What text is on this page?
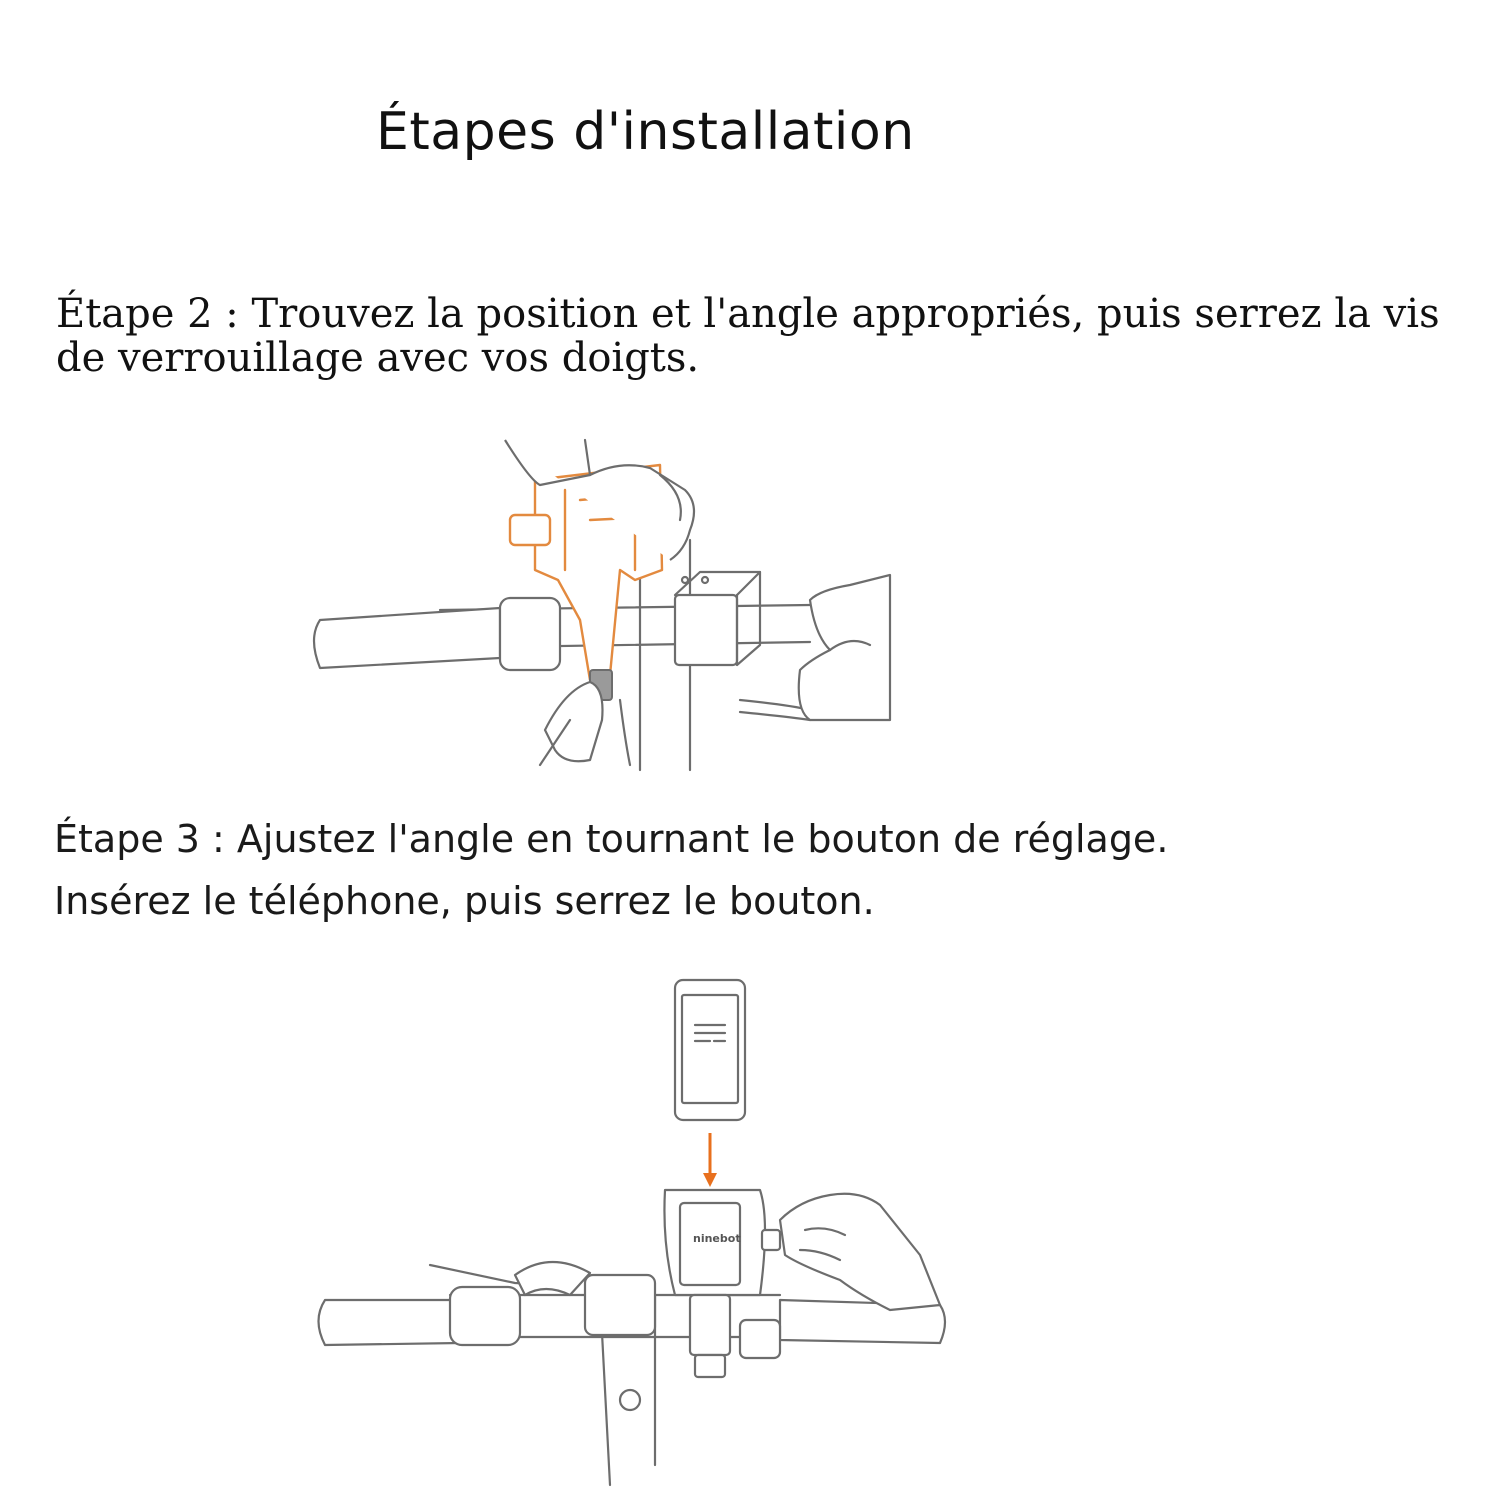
Étapes d'installation

Étape 2 : Trouvez la position et l'angle appropriés, puis serrez la vis de verrouillage avec vos doigts.

Étape 3 : Ajustez l'angle en tournant le bouton de réglage.
Insérez le téléphone, puis serrez le bouton.

ninebot
